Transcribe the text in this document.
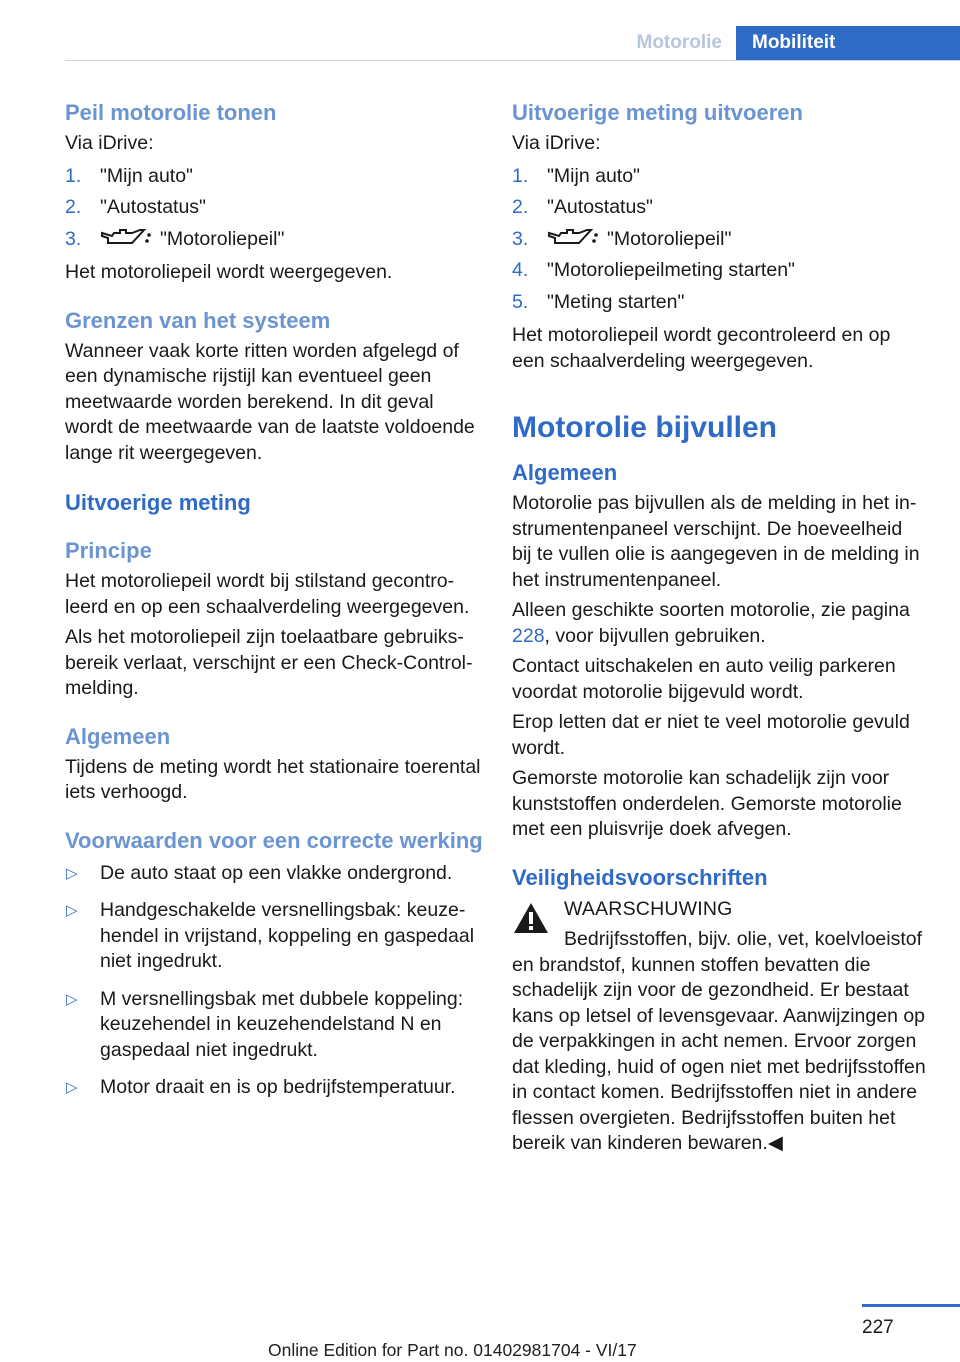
Motorolie	Mobiliteit
Peil motorolie tonen

Via iDrive:

1. "Mijn auto"
2. "Autostatus"
3.	"Motoroliepeil"

Het motoroliepeil wordt weergegeven.

Grenzen van het systeem

Wanneer vaak korte ritten worden afgelegd of een dynamische rijstijl kan eventueel geen meetwaarde worden berekend. In dit geval wordt de meetwaarde van de laatste voldoende lange rit weergegeven.

Uitvoerige meting
Principe

Het motoroliepeil wordt bij stilstand gecontroleerd en op een schaalverdeling weergegeven.

Als het motoroliepeil zijn toelaatbare gebruiksbereik verlaat, verschijnt er een Check-Control-melding.

Algemeen

Tijdens de meting wordt het stationaire toerental iets verhoogd.

Voorwaarden voor een correcte werking
▷	De auto staat op een vlakke ondergrond.
▷	Handgeschakelde versnellingsbak: keuzehendel in vrijstand, koppeling en gaspedaal niet ingedrukt.
▷	M versnellingsbak met dubbele koppeling: keuzehendel in keuzehendelstand N en gaspedaal niet ingedrukt.
▷	Motor draait en is op bedrijfstemperatuur.
Uitvoerige meting uitvoeren

Via iDrive:

1. "Mijn auto"
2. "Autostatus"
3.	"Motoroliepeil"
4. "Motoroliepeilmeting starten"
5. "Meting starten"

Het motoroliepeil wordt gecontroleerd en op een schaalverdeling weergegeven.

Motorolie bijvullen
Algemeen

Motorolie pas bijvullen als de melding in het instrumentenpaneel verschijnt. De hoeveelheid bij te vullen olie is aangegeven in de melding in het instrumentenpaneel.

Alleen geschikte soorten motorolie, zie pagina 228, voor bijvullen gebruiken.

Contact uitschakelen en auto veilig parkeren voordat motorolie bijgevuld wordt.

Erop letten dat er niet te veel motorolie gevuld wordt.

Gemorste motorolie kan schadelijk zijn voor kunststoffen onderdelen. Gemorste motorolie met een pluisvrije doek afvegen.

Veiligheidsvoorschriften

WAARSCHUWING

Bedrijfsstoffen, bijv. olie, vet, koelvloeistof en brandstof, kunnen stoffen bevatten die schadelijk zijn voor de gezondheid. Er bestaat kans op letsel of levensgevaar. Aanwijzingen op de verpakkingen in acht nemen. Ervoor zorgen dat kleding, huid of ogen niet met bedrijfsstoffen in contact komen. Bedrijfsstoffen niet in andere flessen overgieten. Bedrijfsstoffen buiten het bereik van kinderen bewaren.◀

227
Online Edition for Part no. 01402981704 - VI/17
